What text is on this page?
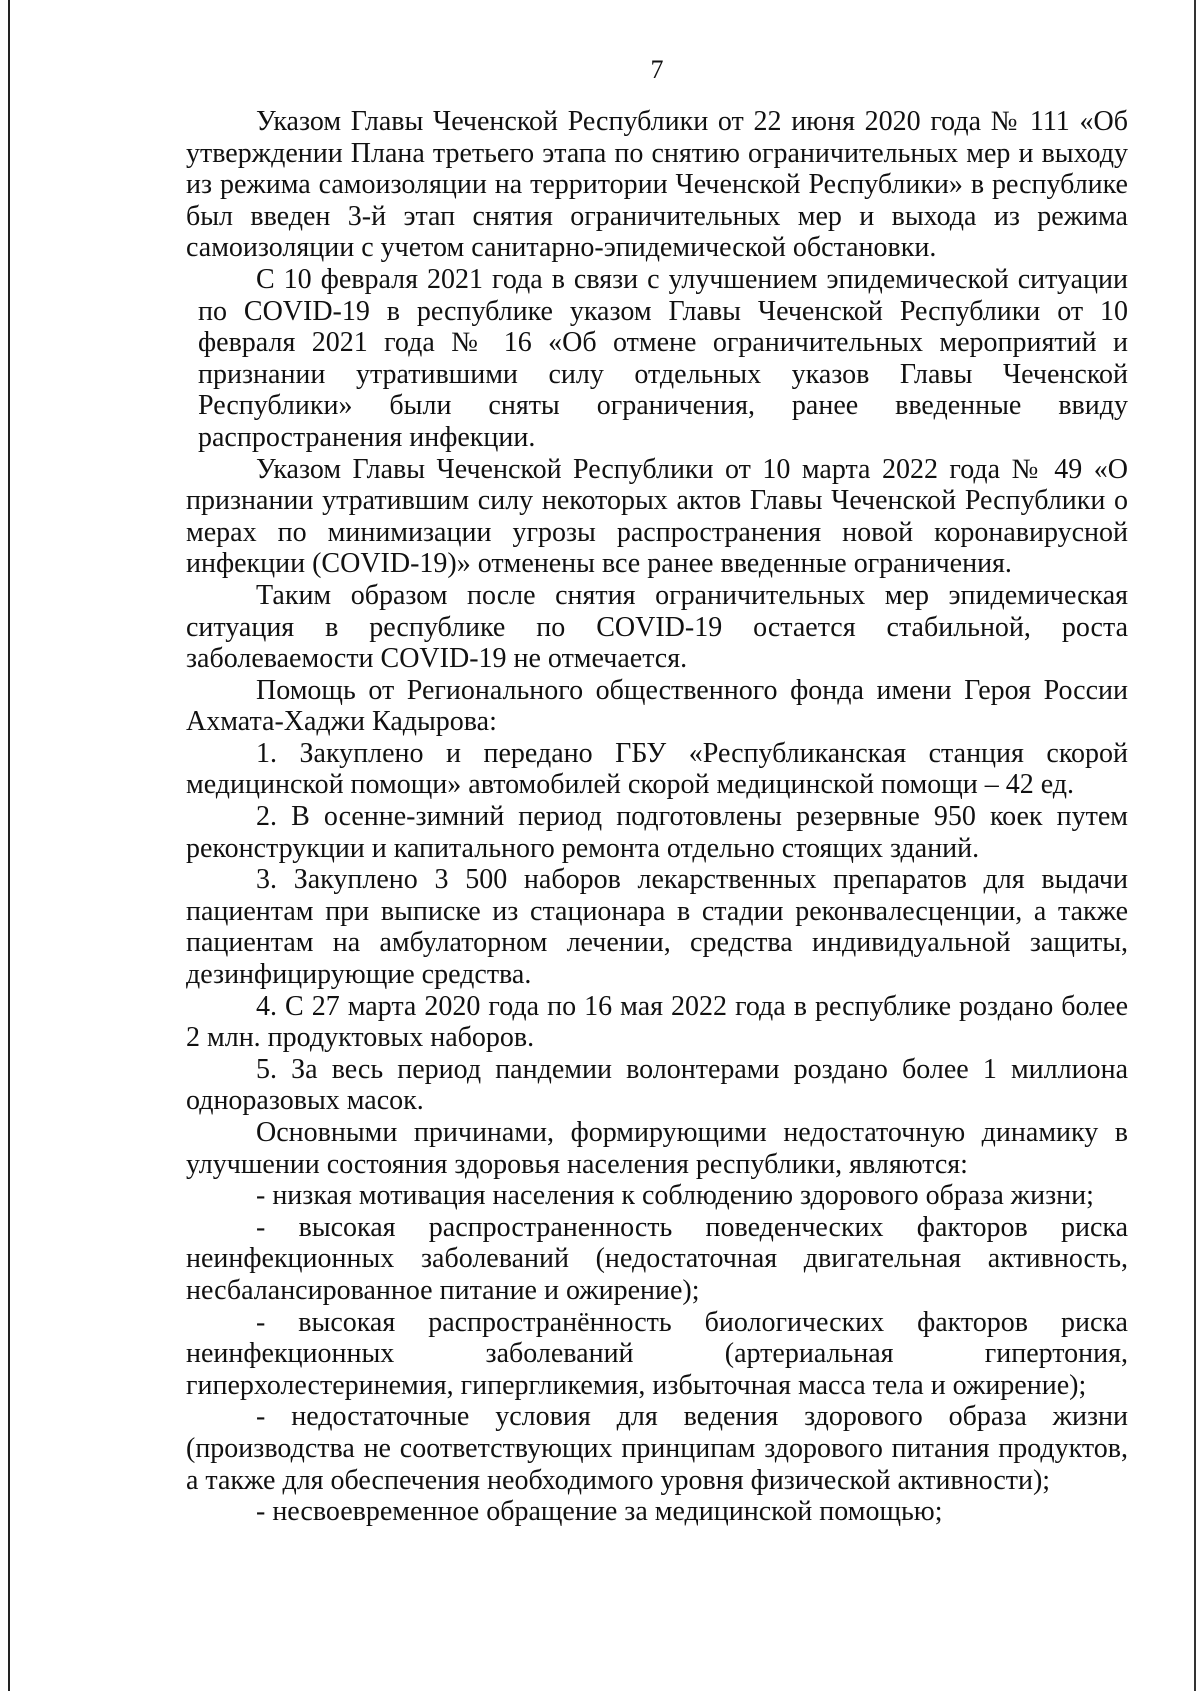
7

Указом Главы Чеченской Республики от 22 июня 2020 года № 111 «Об утверждении Плана третьего этапа по снятию ограничительных мер и выходу из режима самоизоляции на территории Чеченской Республики» в республике был введен 3-й этап снятия ограничительных мер и выхода из режима самоизоляции с учетом санитарно-эпидемической обстановки.

С 10 февраля 2021 года в связи с улучшением эпидемической ситуации по COVID-19 в республике указом Главы Чеченской Республики от 10 февраля 2021 года № 16 «Об отмене ограничительных мероприятий и признании утратившими силу отдельных указов Главы Чеченской Республики» были сняты ограничения, ранее введенные ввиду распространения инфекции.

Указом Главы Чеченской Республики от 10 марта 2022 года № 49 «О признании утратившим силу некоторых актов Главы Чеченской Республики о мерах по минимизации угрозы распространения новой коронавирусной инфекции (COVID-19)» отменены все ранее введенные ограничения.

Таким образом после снятия ограничительных мер эпидемическая ситуация в республике по COVID-19 остается стабильной, роста заболеваемости COVID-19 не отмечается.

Помощь от Регионального общественного фонда имени Героя России Ахмата-Хаджи Кадырова:

1. Закуплено и передано ГБУ «Республиканская станция скорой медицинской помощи» автомобилей скорой медицинской помощи – 42 ед.

2. В осенне-зимний период подготовлены резервные 950 коек путем реконструкции и капитального ремонта отдельно стоящих зданий.

3. Закуплено 3 500 наборов лекарственных препаратов для выдачи пациентам при выписке из стационара в стадии реконвалесценции, а также пациентам на амбулаторном лечении, средства индивидуальной защиты, дезинфицирующие средства.

4. С 27 марта 2020 года по 16 мая 2022 года в республике роздано более 2 млн. продуктовых наборов.

5. За весь период пандемии волонтерами роздано более 1 миллиона одноразовых масок.

Основными причинами, формирующими недостаточную динамику в улучшении состояния здоровья населения республики, являются:

- низкая мотивация населения к соблюдению здорового образа жизни;

- высокая распространенность поведенческих факторов риска неинфекционных заболеваний (недостаточная двигательная активность, несбалансированное питание и ожирение);

- высокая распространённость биологических факторов риска неинфекционных заболеваний (артериальная гипертония, гиперхолестеринемия, гипергликемия, избыточная масса тела и ожирение);

- недостаточные условия для ведения здорового образа жизни (производства не соответствующих принципам здорового питания продуктов, а также для обеспечения необходимого уровня физической активности);

- несвоевременное обращение за медицинской помощью;
